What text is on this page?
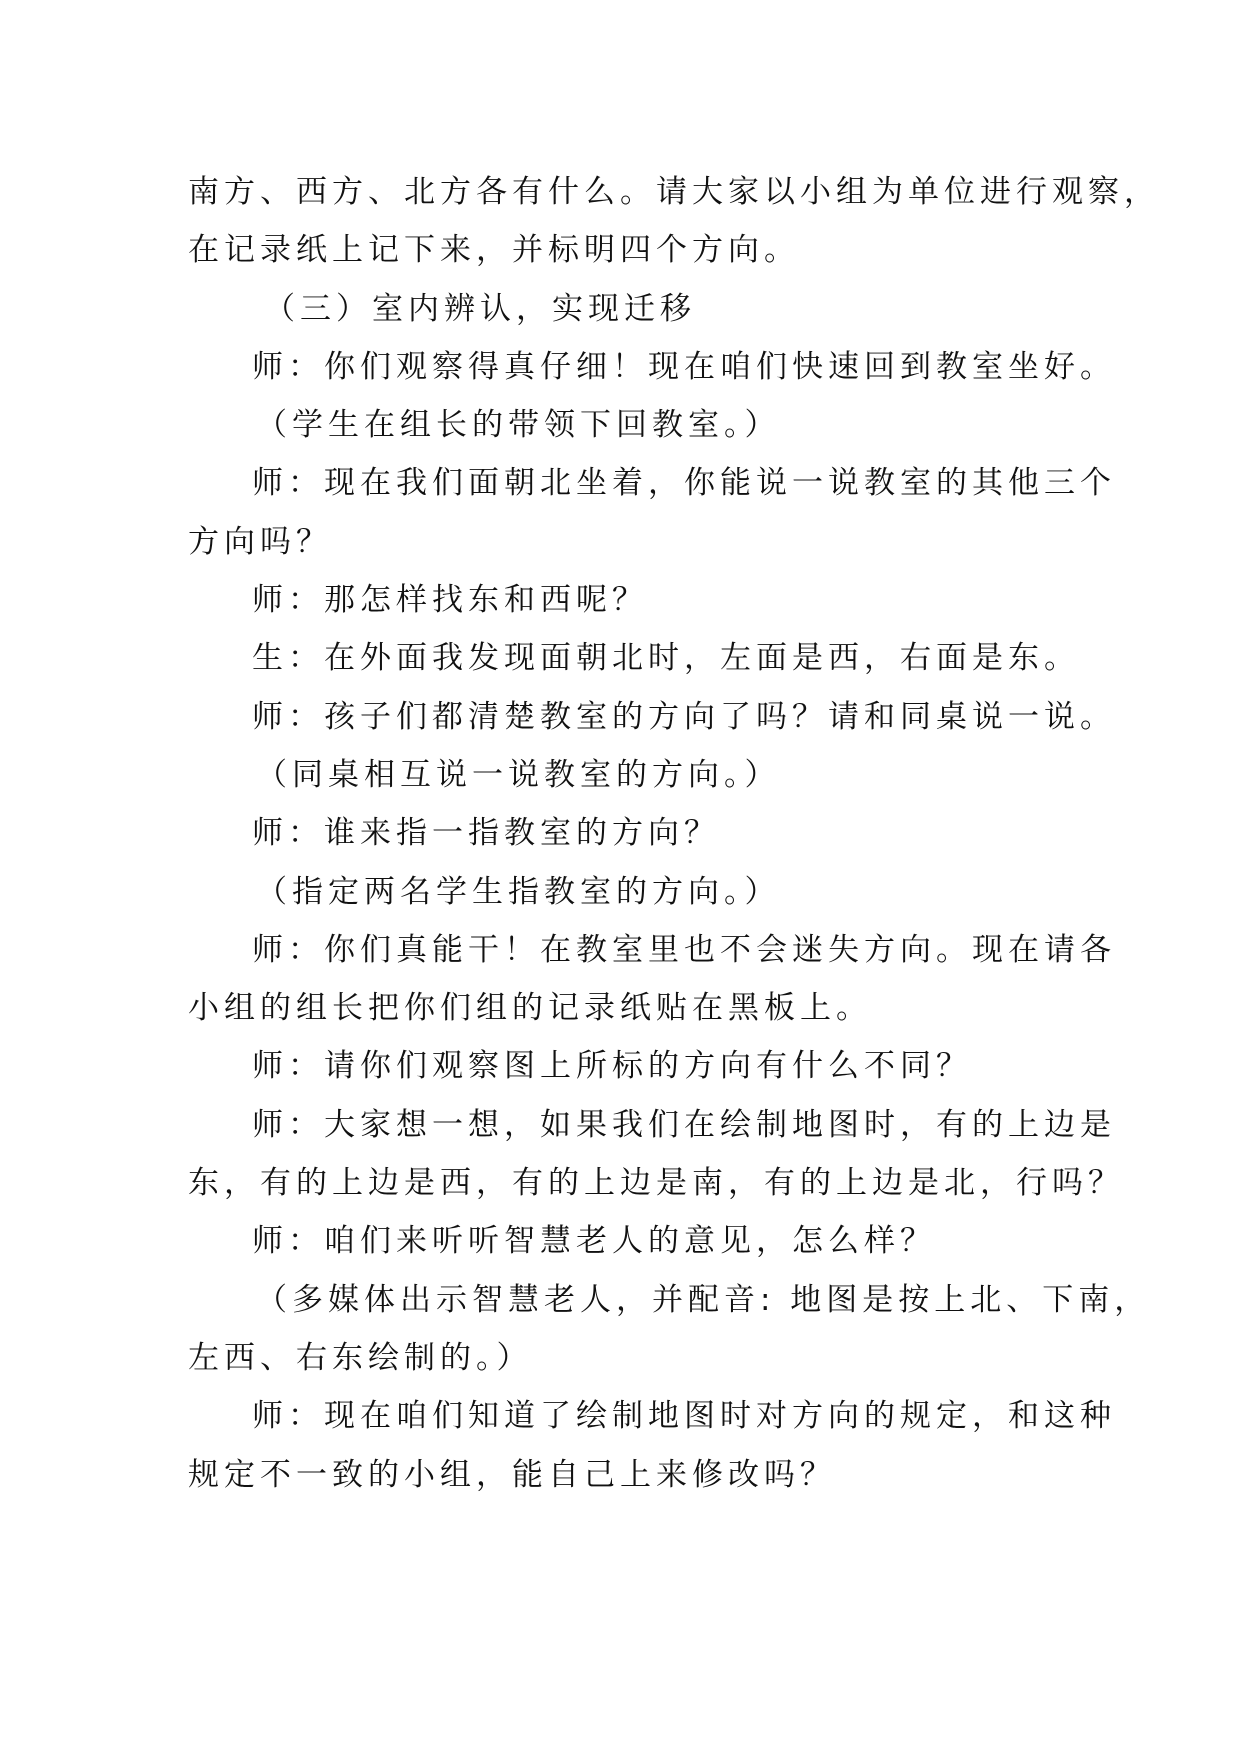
南方、西方、北方各有什么。请大家以小组为单位进行观察，
在记录纸上记下来，并标明四个方向。
（三）室内辨认，实现迁移
师：你们观察得真仔细！现在咱们快速回到教室坐好。
（学生在组长的带领下回教室。）
师：现在我们面朝北坐着，你能说一说教室的其他三个
方向吗？
师：那怎样找东和西呢？
生：在外面我发现面朝北时，左面是西，右面是东。
师：孩子们都清楚教室的方向了吗？请和同桌说一说。
（同桌相互说一说教室的方向。）
师：谁来指一指教室的方向？
（指定两名学生指教室的方向。）
师：你们真能干！在教室里也不会迷失方向。现在请各
小组的组长把你们组的记录纸贴在黑板上。
师：请你们观察图上所标的方向有什么不同？
师：大家想一想，如果我们在绘制地图时，有的上边是
东，有的上边是西，有的上边是南，有的上边是北，行吗？
师：咱们来听听智慧老人的意见，怎么样？
（多媒体出示智慧老人，并配音: 地图是按上北、下南，
左西、右东绘制的。）
师：现在咱们知道了绘制地图时对方向的规定，和这种
规定不一致的小组，能自己上来修改吗？
